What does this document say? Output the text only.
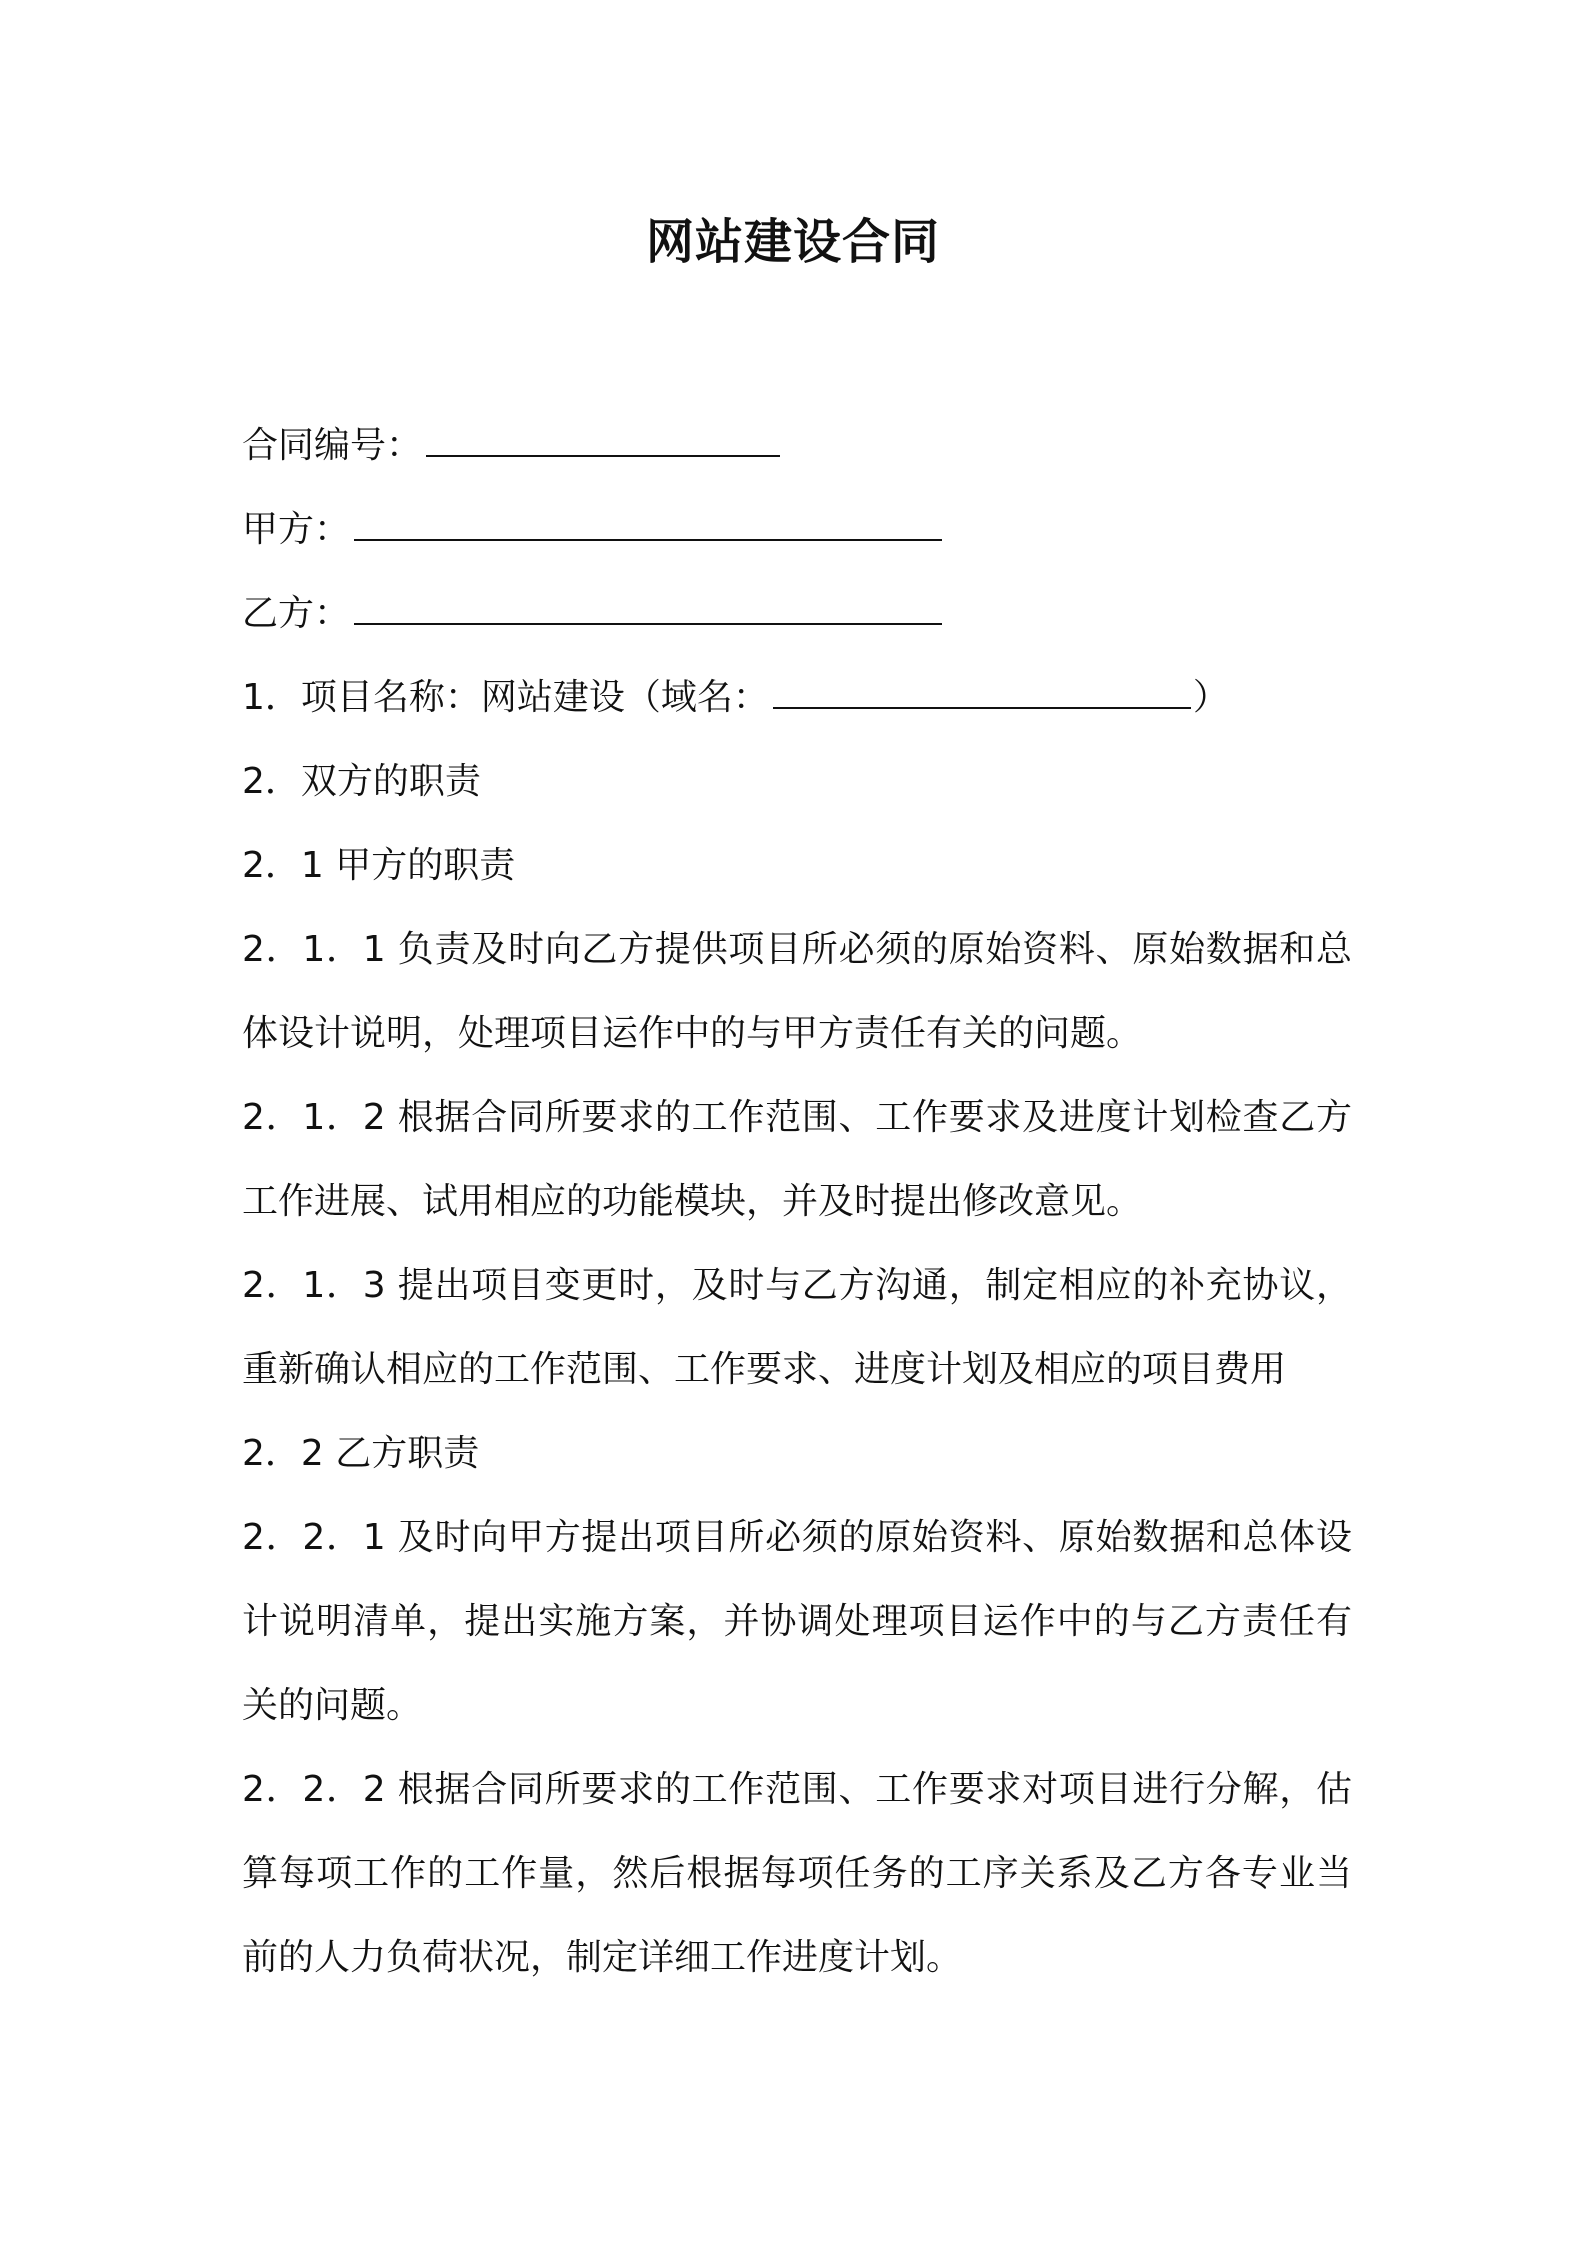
网站建设合同
合同编号：
甲方：
乙方：
1．项目名称：网站建设（域名：	）
2．双方的职责
2．1 甲方的职责
2．1．1 负责及时向乙方提供项目所必须的原始资料、原始数据和总体设计说明，处理项目运作中的与甲方责任有关的问题。
2．1．2 根据合同所要求的工作范围、工作要求及进度计划检查乙方工作进展、试用相应的功能模块，并及时提出修改意见。
2．1．3 提出项目变更时，及时与乙方沟通，制定相应的补充协议，重新确认相应的工作范围、工作要求、进度计划及相应的项目费用
2．2 乙方职责
2．2．1 及时向甲方提出项目所必须的原始资料、原始数据和总体设计说明清单，提出实施方案，并协调处理项目运作中的与乙方责任有关的问题。
2．2．2 根据合同所要求的工作范围、工作要求对项目进行分解，估算每项工作的工作量，然后根据每项任务的工序关系及乙方各专业当前的人力负荷状况，制定详细工作进度计划。
